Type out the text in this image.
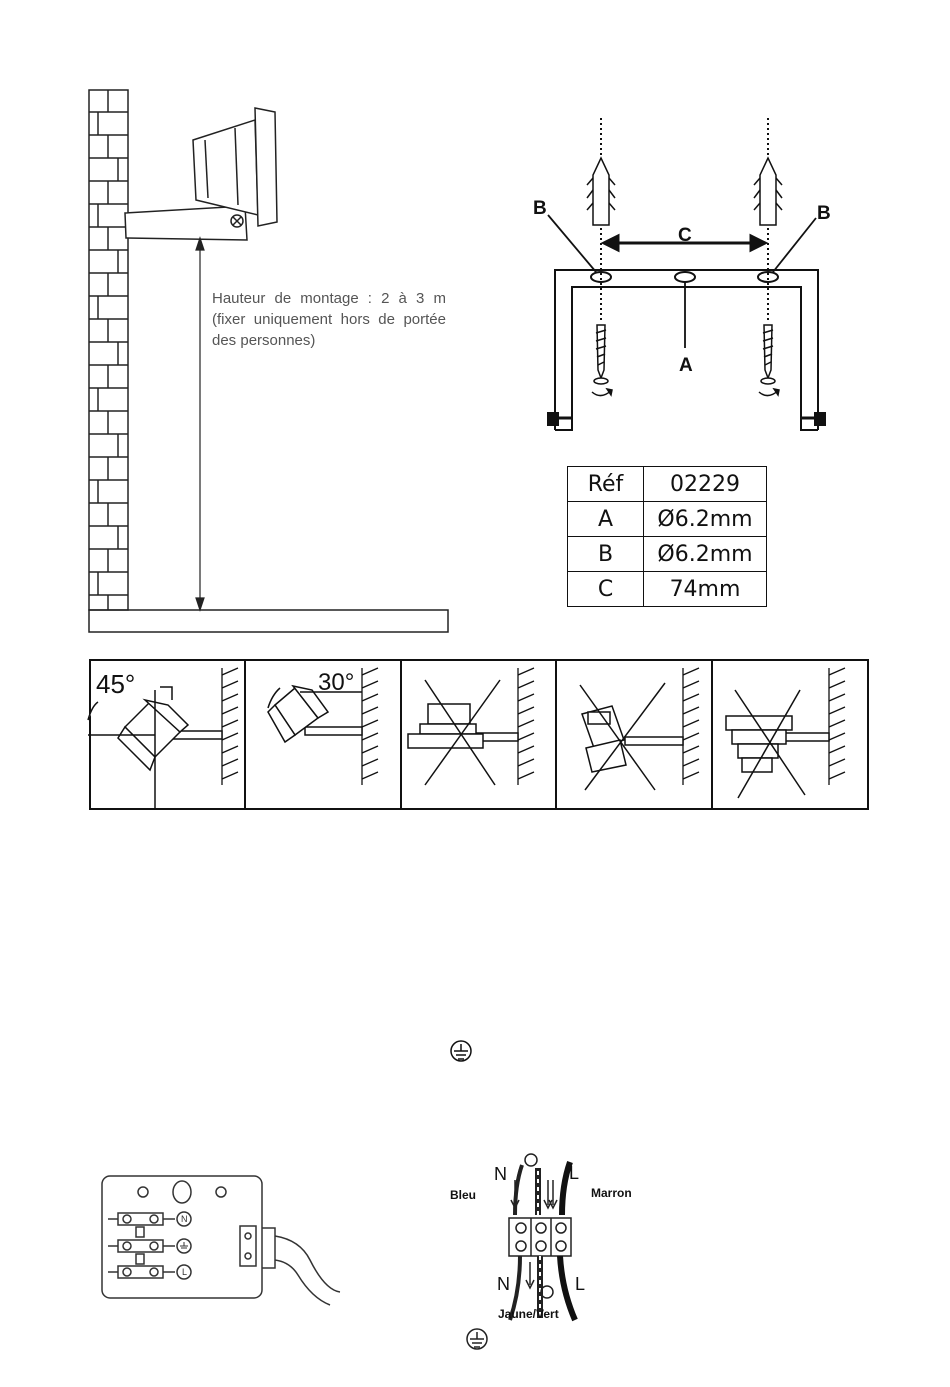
B	B
C
A
45°	30°
N
L
N	L
N	L
Bleu	Marron
Jaune/Vert
Hauteur de montage : 2 à 3 m (fixer uniquement hors de portée des personnes)
Réf	02229
A	Ø6.2mm
B	Ø6.2mm
C	74mm
